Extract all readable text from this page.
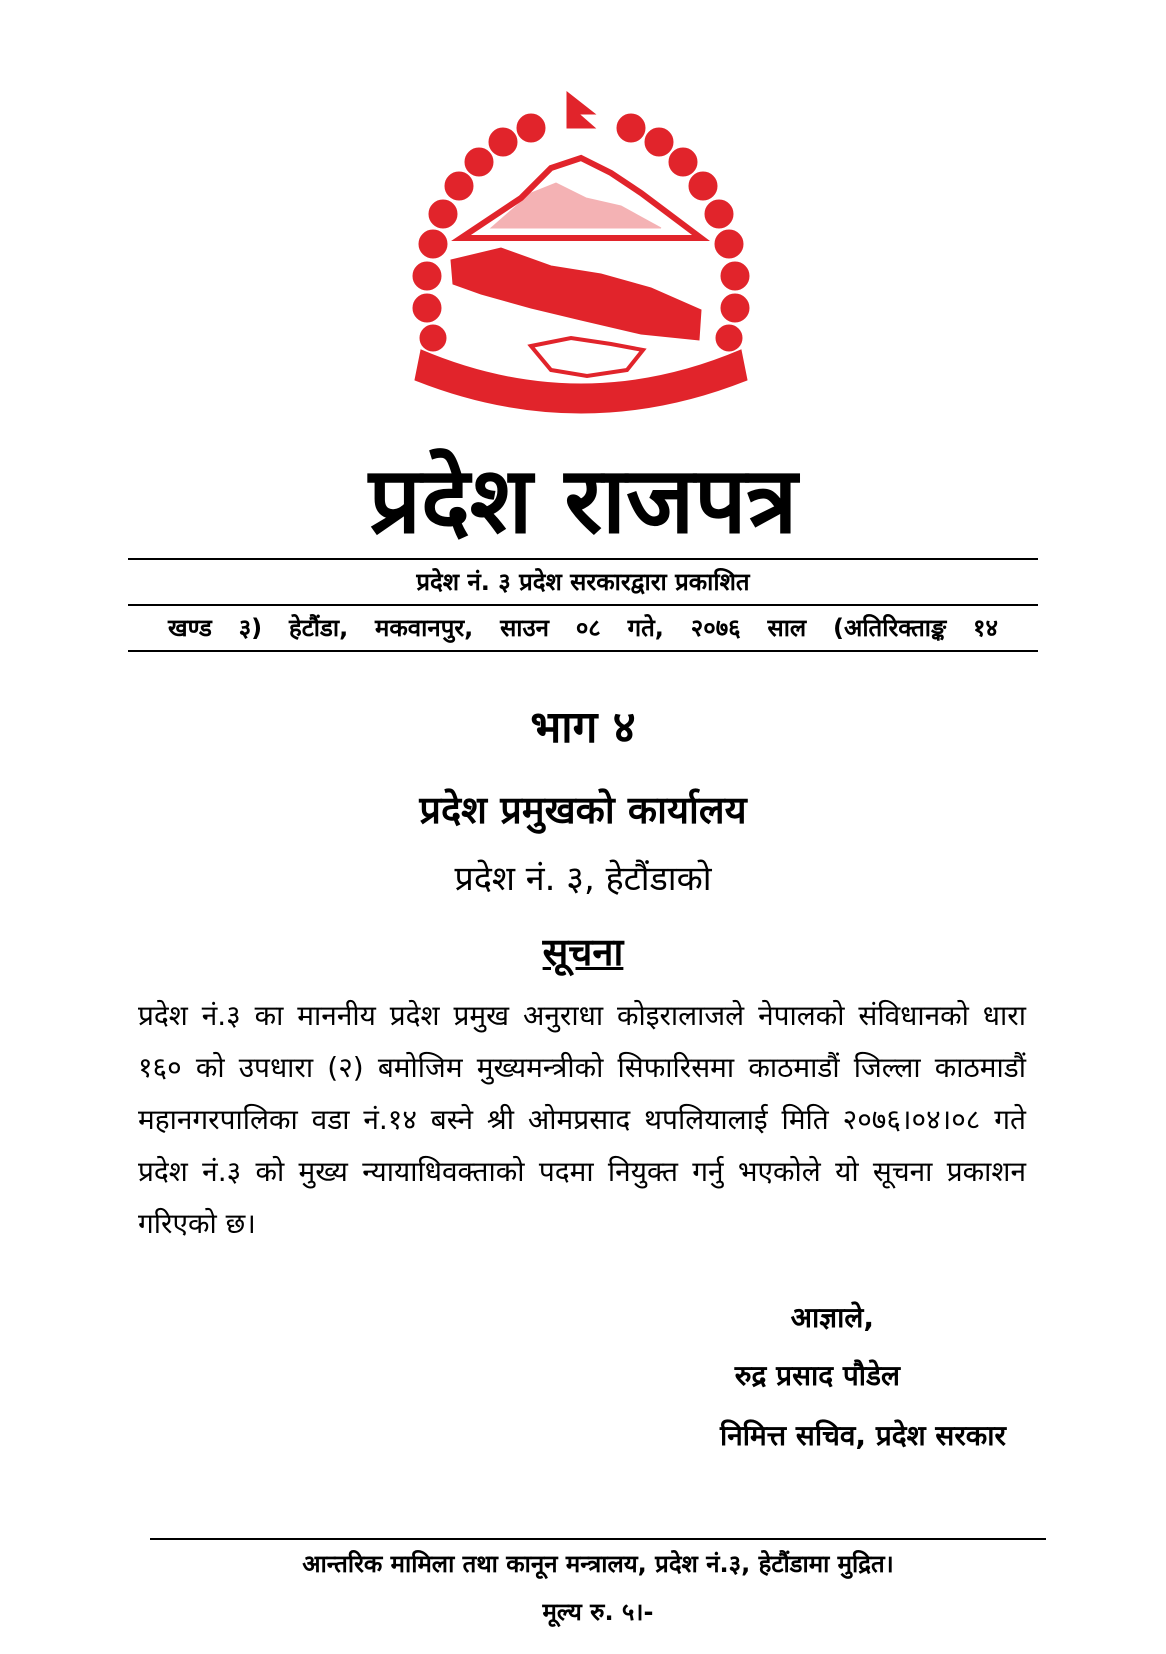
प्रदेश राजपत्र
प्रदेश नं. ३ प्रदेश सरकारद्वारा प्रकाशित
खण्ड ३) हेटौंडा, मकवानपुर, साउन ०८ गते, २०७६ साल (अतिरिक्ताङ्क १४
भाग ४
प्रदेश प्रमुखको कार्यालय
प्रदेश नं. ३, हेटौंडाको
सूचना
प्रदेश नं.३ का माननीय प्रदेश प्रमुख अनुराधा कोइरालाजले नेपालको संविधानको धारा १६० को उपधारा (२) बमोजिम मुख्यमन्त्रीको सिफारिसमा काठमाडौं जिल्ला काठमाडौं महानगरपालिका वडा नं.१४ बस्ने श्री ओमप्रसाद थपलियालाई मिति २०७६।०४।०८ गते प्रदेश नं.३ को मुख्य न्यायाधिवक्ताको पदमा नियुक्त गर्नु भएकोले यो सूचना प्रकाशन गरिएको छ।
आज्ञाले,
रुद्र प्रसाद पौडेल
निमित्त सचिव, प्रदेश सरकार
आन्तरिक मामिला तथा कानून मन्त्रालय, प्रदेश नं.३, हेटौंडामा मुद्रित।
मूल्य रु. ५।-
